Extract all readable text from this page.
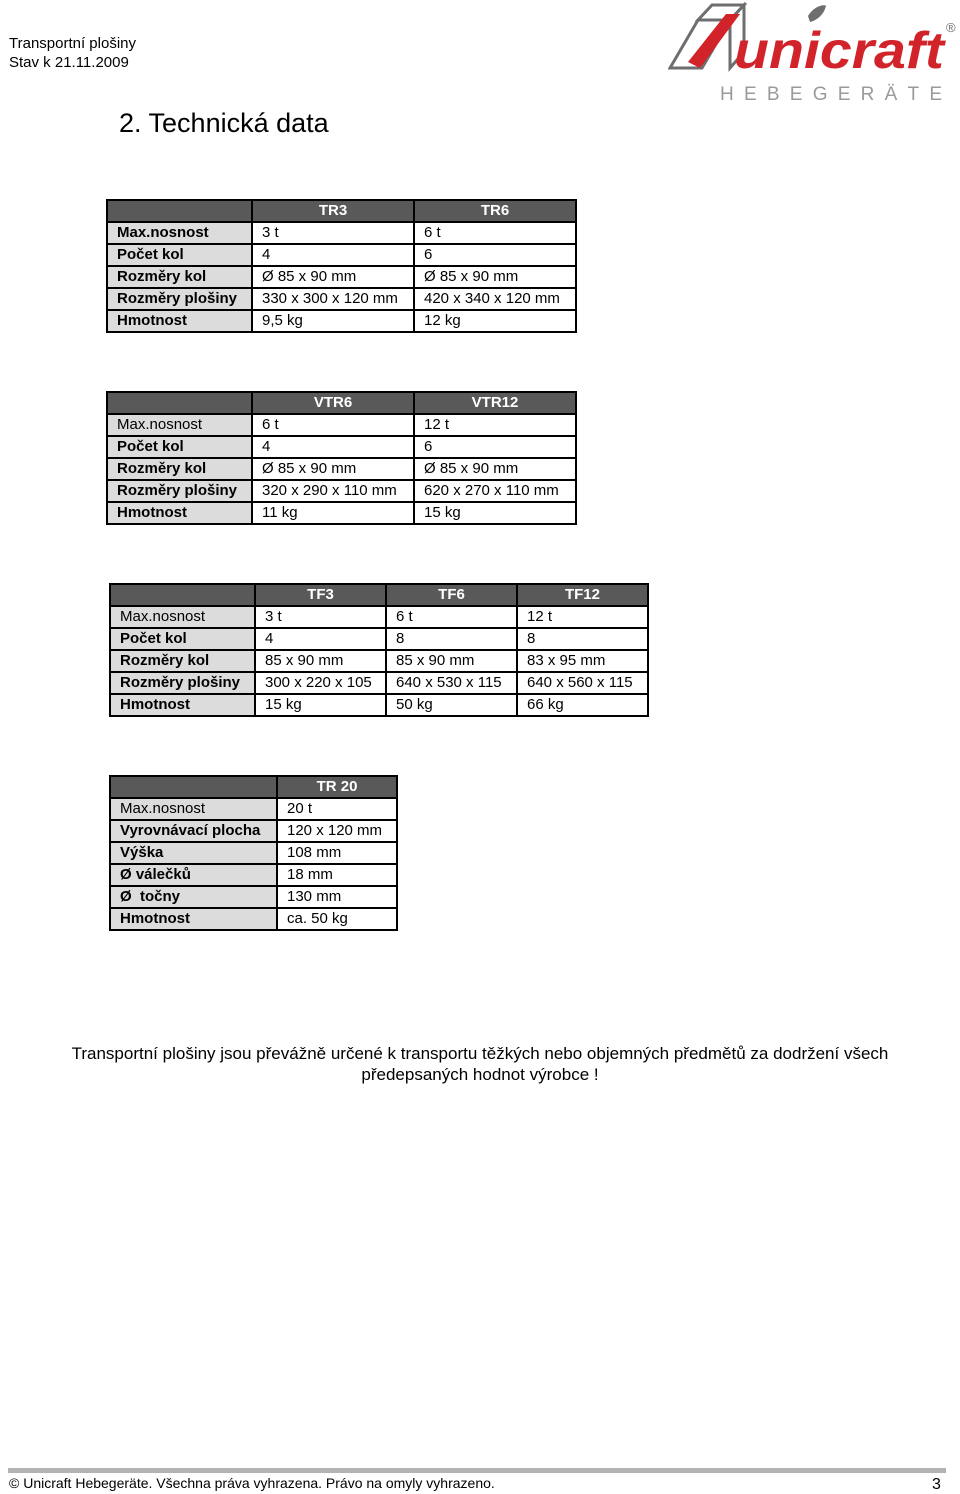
Transportní plošiny
Stav k 21.11.2009	unicraft ®
HEBEGERÄTE
2. Technická data
	TR3	TR6
Max.nosnost	3 t	6 t
Počet kol	4	6
Rozměry kol	Ø 85 x 90 mm	Ø 85 x 90 mm
Rozměry plošiny	330 x 300 x 120 mm	420 x 340 x 120 mm
Hmotnost	9,5 kg	12 kg
	VTR6	VTR12
Max.nosnost	6 t	12 t
Počet kol	4	6
Rozměry kol	Ø 85 x 90 mm	Ø 85 x 90 mm
Rozměry plošiny	320 x 290 x 110 mm	620 x 270 x 110 mm
Hmotnost	11 kg	15 kg
	TF3	TF6	TF12
Max.nosnost	3 t	6 t	12 t
Počet kol	4	8	8
Rozměry kol	85 x 90 mm	85 x 90 mm	83 x 95 mm
Rozměry plošiny	300 x 220 x 105	640 x 530 x 115	640 x 560 x 115
Hmotnost	15 kg	50 kg	66 kg
	TR 20
Max.nosnost	20 t
Vyrovnávací plocha	120 x 120 mm
Výška	108 mm
Ø válečků	18 mm
Ø  točny	130 mm
Hmotnost	ca. 50 kg
Transportní plošiny jsou převážně určené k transportu těžkých nebo objemných předmětů za dodržení všech
předepsaných hodnot výrobce !
© Unicraft Hebegeräte. Všechna práva vyhrazena. Právo na omyly vyhrazeno.	3
